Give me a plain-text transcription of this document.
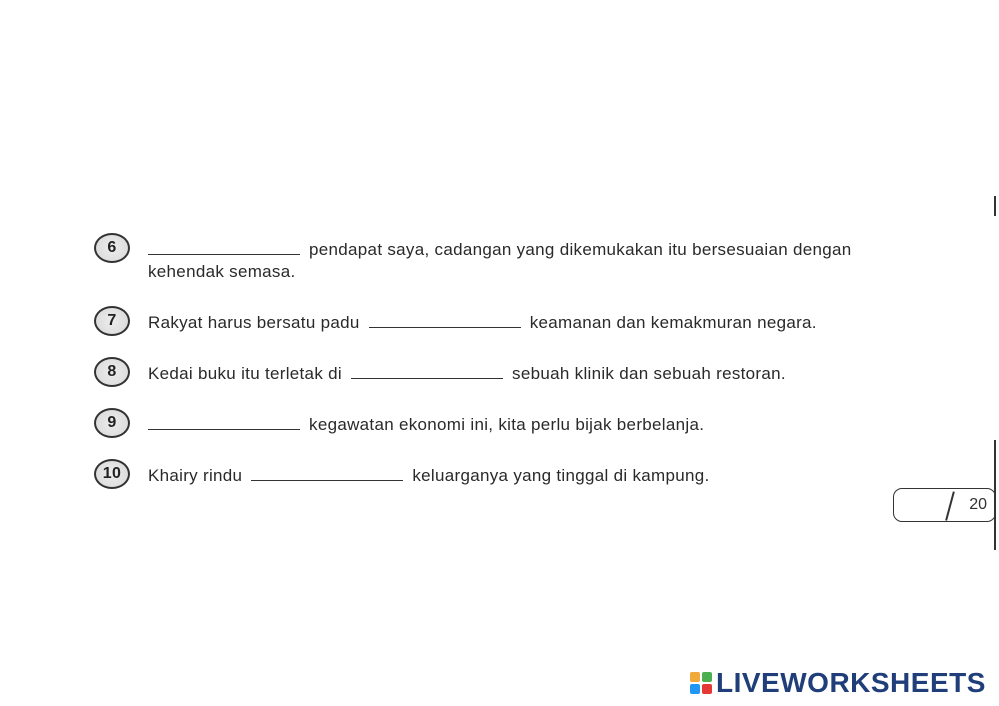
6	pendapat saya, cadangan yang dikemukakan itu bersesuaian dengan
kehendak semasa.
7	Rakyat harus bersatu padu	keamanan dan kemakmuran negara.
8	Kedai buku itu terletak di	sebuah klinik dan sebuah restoran.
9	kegawatan ekonomi ini, kita perlu bijak berbelanja.
10	Khairy rindu	keluarganya yang tinggal di kampung.
20
LIVEWORKSHEETS
